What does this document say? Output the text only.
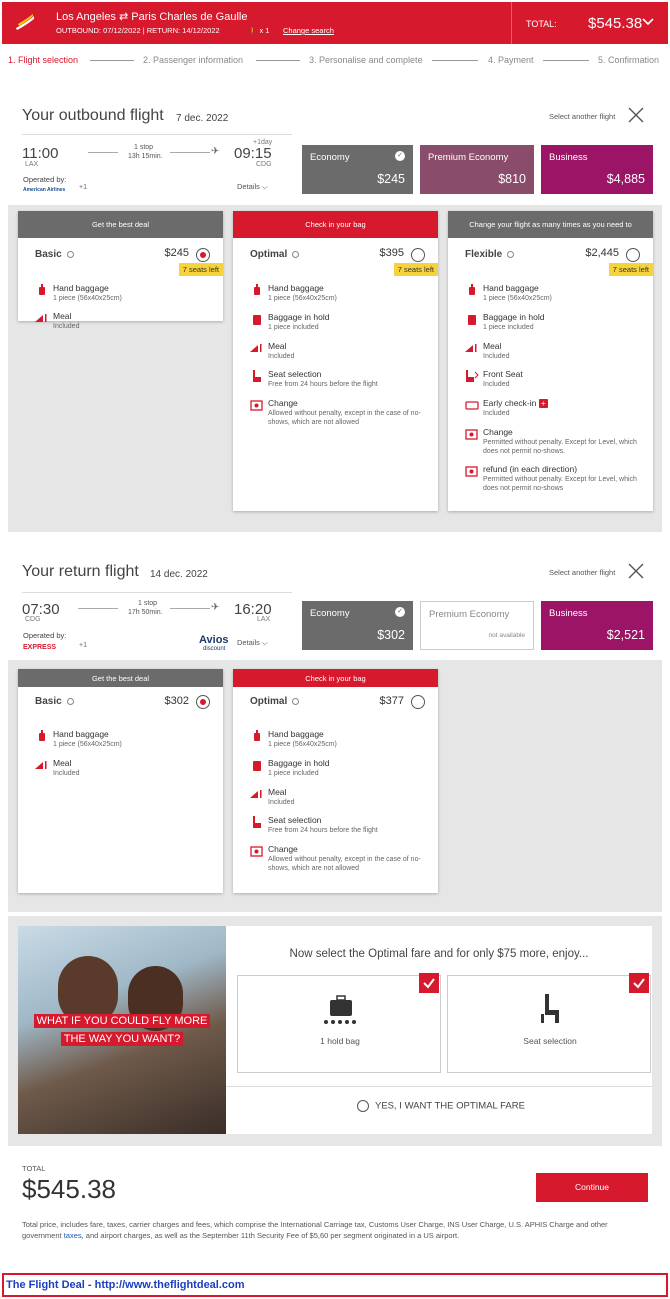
Los Angeles ⇄ Paris Charles de Gaulle
OUTBOUND: 07/12/2022 | RETURN: 14/12/2022	🚶 x 1 Change search
TOTAL: $545.38
1. Flight selection	2. Passenger information	3. Personalise and complete	4. Payment	5. Confirmation
Your outbound flight 7 dec. 2022	Select another flight
11:00
LAX
1 stop
13h 15min.	✈
+1day
09:15
CDG
Operated by:
American Airlines +1	Details ⌵
Economy	✓
$245
Premium Economy
$810
Business
$4,885
Get the best deal
Basic	$245
7 seats left
Hand baggage
1 piece (56x40x25cm)
Meal
Included
Check in your bag
Optimal	$395
7 seats left
Hand baggage
1 piece (56x40x25cm)
Baggage in hold
1 piece included
Meal
Included
Seat selection
Free from 24 hours before the flight
Change
Allowed without penalty, except in the case of no-shows, which are not allowed
Change your flight as many times as you need to
Flexible	$2,445
7 seats left
Hand baggage
1 piece (56x40x25cm)
Baggage in hold
1 piece included
Meal
Included
Front Seat
Included
Early check-in +
Included
Change
Permitted without penalty. Except for Level, which does not permit no-shows.
refund (in each direction)
Permitted without penalty. Except for Level, which does not permit no-shows
Your return flight 14 dec. 2022	Select another flight
07:30
CDG
1 stop
17h 50min.	✈ 16:20
LAX
Operated by:
EXPRESS	+1	Avios
discount
Details ⌵
Economy	✓
$302
Premium Economy
not available
Business
$2,521
Get the best deal
Basic	$302
Hand baggage
1 piece (56x40x25cm)
Meal
Included
Check in your bag
Optimal	$377
Hand baggage
1 piece (56x40x25cm)
Baggage in hold
1 piece included
Meal
Included
Seat selection
Free from 24 hours before the flight
Change
Allowed without penalty, except in the case of no-shows, which are not allowed
WHAT IF YOU COULD FLY MORE THE WAY YOU WANT?
Now select the Optimal fare and for only $75 more, enjoy...
1 hold bag	Seat selection
YES, I WANT THE OPTIMAL FARE
TOTAL
$545.38	Continue
Total price, includes fare, taxes, carrier charges and fees, which comprise the International Carriage tax, Customs User Charge, INS User Charge, U.S. APHIS Charge and other government taxes, and airport charges, as well as the September 11th Security Fee of $5,60 per segment originated in a US airport.
The Flight Deal - http://www.theflightdeal.com
